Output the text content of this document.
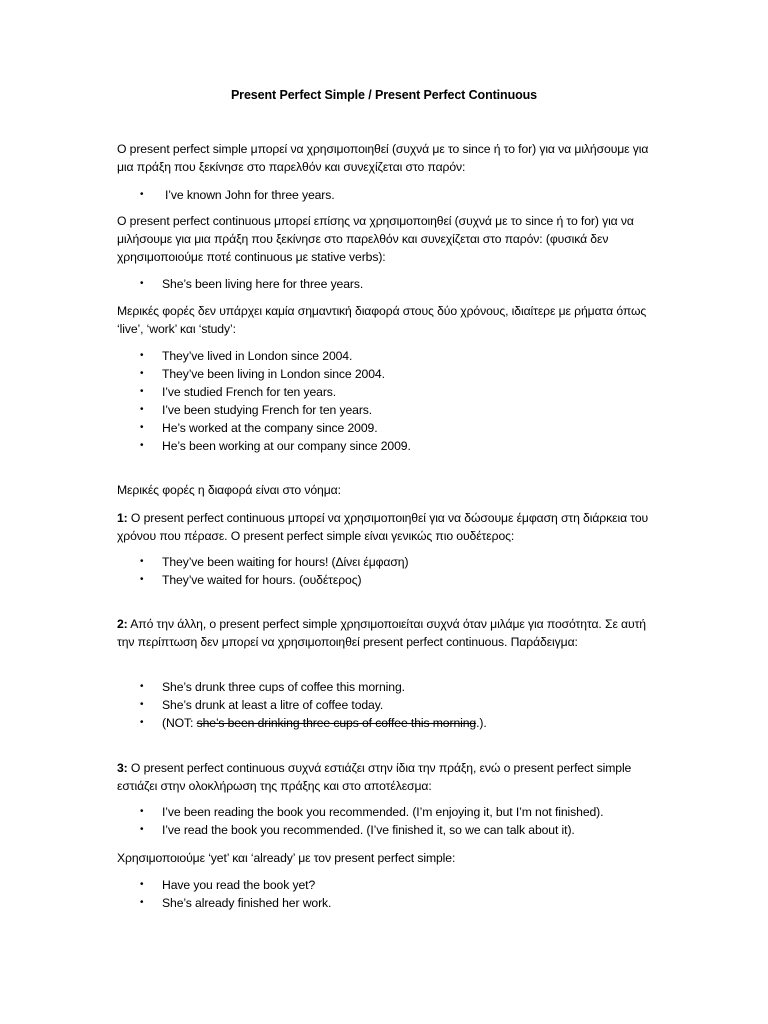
Present Perfect Simple / Present Perfect Continuous
O present perfect simple μπορεί να χρησιμοποιηθεί (συχνά με το since ή το for) για να μιλήσουμε για μια πράξη που ξεκίνησε στο παρελθόν και συνεχίζεται στο παρόν:
• I’ve known John for three years.
O present perfect continuous μπορεί επίσης να χρησιμοποιηθεί (συχνά με το since ή το for) για να μιλήσουμε για μια πράξη που ξεκίνησε στο παρελθόν και συνεχίζεται στο παρόν: (φυσικά δεν χρησιμοποιούμε ποτέ continuous με stative verbs):
• She’s been living here for three years.
Μερικές φορές δεν υπάρχει καμία σημαντική διαφορά στους δύο χρόνους, ιδιαίτερε με ρήματα όπως ‘live’, ‘work’ και ‘study’:
• They’ve lived in London since 2004.
• They’ve been living in London since 2004.
• I’ve studied French for ten years.
• I’ve been studying French for ten years.
• He’s worked at the company since 2009.
• He’s been working at our company since 2009.
Μερικές φορές η διαφορά είναι στο νόημα:
1: O present perfect continuous μπορεί να χρησιμοποιηθεί για να δώσουμε έμφαση στη διάρκεια του χρόνου που πέρασε. O present perfect simple είναι γενικώς πιο ουδέτερος:
• They’ve been waiting for hours! (Δίνει έμφαση)
• They’ve waited for hours. (ουδέτερος)
2: Από την άλλη, ο present perfect simple χρησιμοποιείται συχνά όταν μιλάμε για ποσότητα. Σε αυτή την περίπτωση δεν μπορεί να χρησιμοποιηθεί present perfect continuous. Παράδειγμα:
• She’s drunk three cups of coffee this morning.
• She’s drunk at least a litre of coffee today.
• (NOT: she’s been drinking three cups of coffee this morning.).
3: O present perfect continuous συχνά εστιάζει στην ίδια την πράξη, ενώ ο present perfect simple εστιάζει στην ολοκλήρωση της πράξης και στο αποτέλεσμα:
• I’ve been reading the book you recommended. (I’m enjoying it, but I’m not finished).
• I’ve read the book you recommended. (I’ve finished it, so we can talk about it).
Χρησιμοποιούμε ‘yet’ και ‘already’ με τον present perfect simple:
• Have you read the book yet?
• She’s already finished her work.
